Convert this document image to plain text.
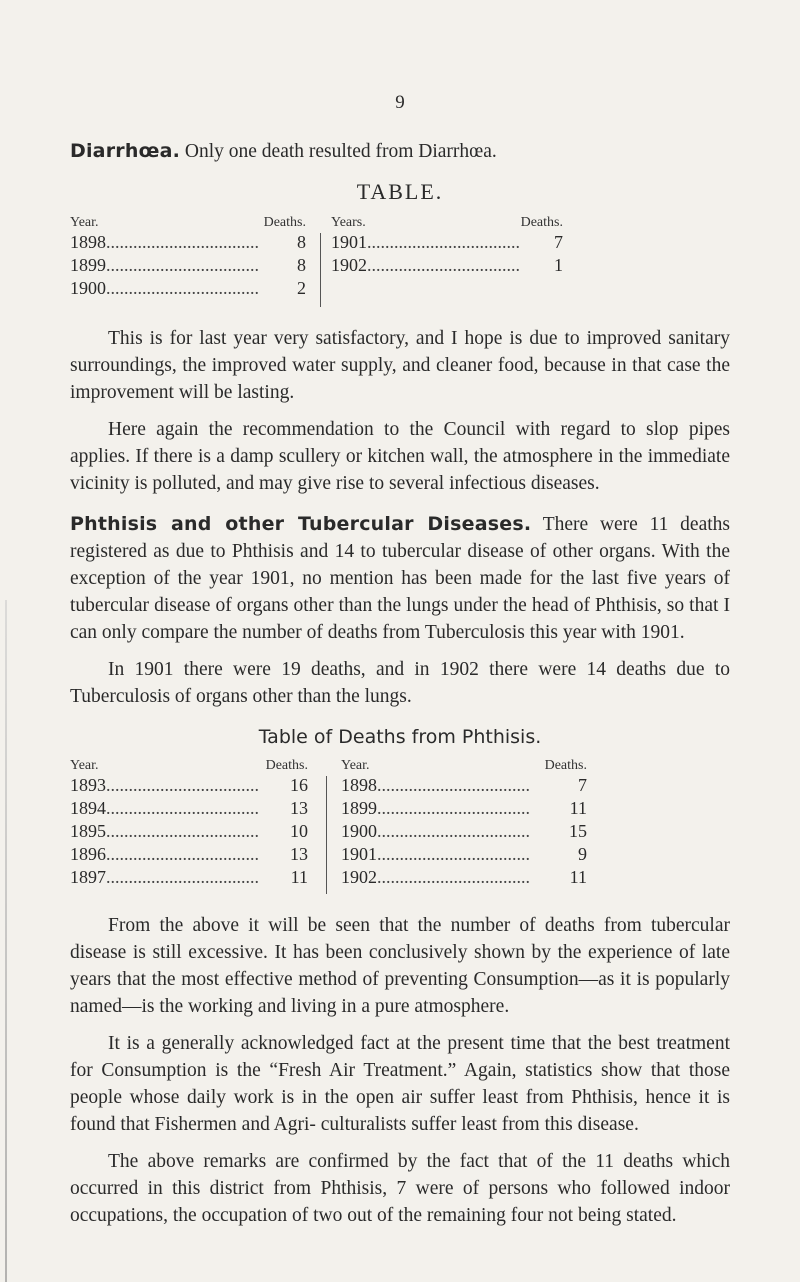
9

Diarrhœa. Only one death resulted from Diarrhœa.

TABLE.
Year.	Deaths.
1898 ..................................	8
1899 ..................................	8
1900 ..................................	2
Years.	Deaths.
1901 ..................................	7
1902 ..................................	1

This is for last year very satisfactory, and I hope is due to improved sanitary surroundings, the improved water supply, and cleaner food, because in that case the improvement will be lasting.

Here again the recommendation to the Council with regard to slop pipes applies. If there is a damp scullery or kitchen wall, the atmosphere in the immediate vicinity is polluted, and may give rise to several infectious diseases.

Phthisis and other Tubercular Diseases. There were 11 deaths registered as due to Phthisis and 14 to tubercular disease of other organs. With the exception of the year 1901, no mention has been made for the last five years of tubercular disease of organs other than the lungs under the head of Phthisis, so that I can only compare the number of deaths from Tuberculosis this year with 1901.

In 1901 there were 19 deaths, and in 1902 there were 14 deaths due to Tuberculosis of organs other than the lungs.

Table of Deaths from Phthisis.
Year.	Deaths.
1893 ..................................	16
1894 ..................................	13
1895 ..................................	10
1896 ..................................	13
1897 ..................................	11
Year.	Deaths.
1898 ..................................	7
1899 ..................................	11
1900 ..................................	15
1901 ..................................	9
1902 ..................................	11

From the above it will be seen that the number of deaths from tubercular disease is still excessive. It has been conclusively shown by the experience of late years that the most effective method of preventing Consumption—as it is popularly named—is the working and living in a pure atmosphere.

It is a generally acknowledged fact at the present time that the best treatment for Consumption is the “Fresh Air Treatment.” Again, statistics show that those people whose daily work is in the open air suffer least from Phthisis, hence it is found that Fishermen and Agri- culturalists suffer least from this disease.

The above remarks are confirmed by the fact that of the 11 deaths which occurred in this district from Phthisis, 7 were of persons who followed indoor occupations, the occupation of two out of the remaining four not being stated.
